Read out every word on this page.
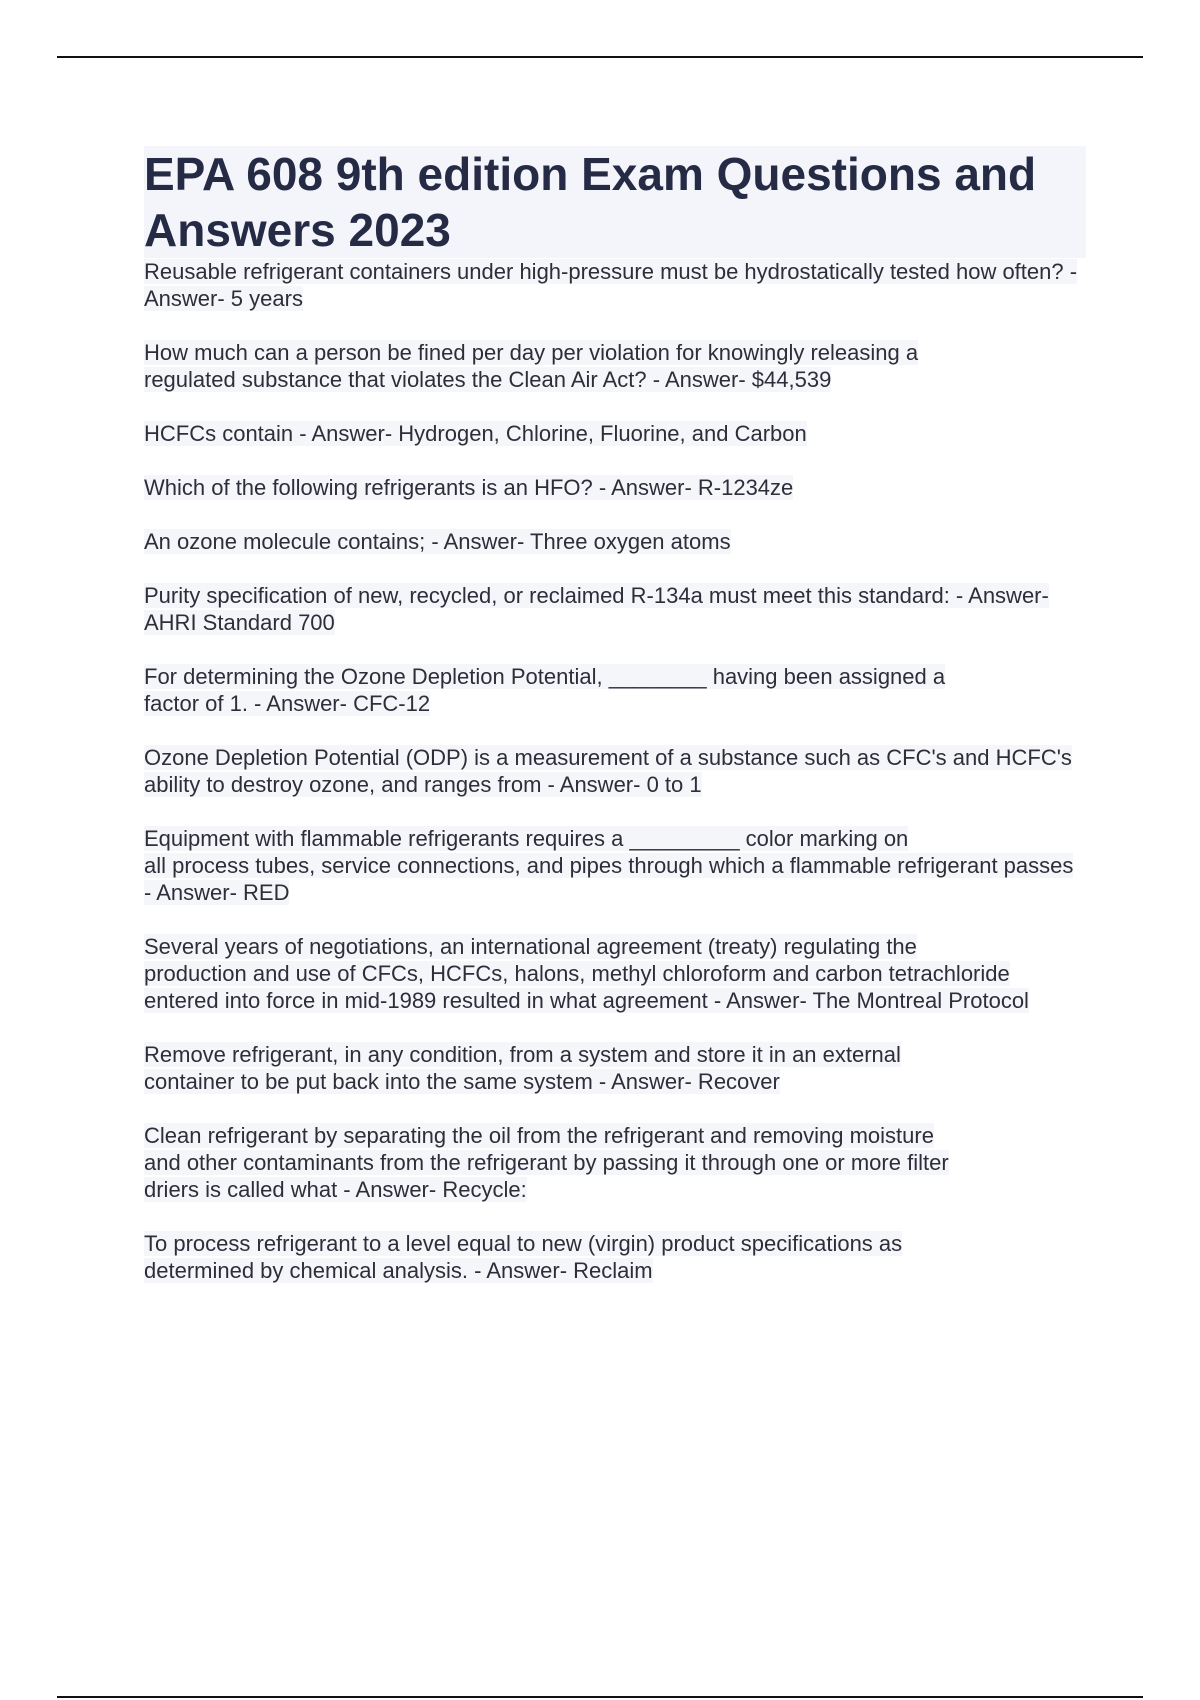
EPA 608 9th edition Exam Questions and Answers 2023
Reusable refrigerant containers under high-pressure must be hydrostatically tested how often? - Answer- 5 years
How much can a person be fined per day per violation for knowingly releasing a
regulated substance that violates the Clean Air Act? - Answer- $44,539
HCFCs contain - Answer- Hydrogen, Chlorine, Fluorine, and Carbon
Which of the following refrigerants is an HFO? - Answer- R-1234ze
An ozone molecule contains; - Answer- Three oxygen atoms
Purity specification of new, recycled, or reclaimed R-134a must meet this standard: - Answer- AHRI Standard 700
For determining the Ozone Depletion Potential, ________ having been assigned a
factor of 1. - Answer- CFC-12
Ozone Depletion Potential (ODP) is a measurement of a substance such as CFC's and HCFC's
ability to destroy ozone, and ranges from - Answer- 0 to 1
Equipment with flammable refrigerants requires a _________ color marking on
all process tubes, service connections, and pipes through which a flammable refrigerant passes - Answer- RED
Several years of negotiations, an international agreement (treaty) regulating the
production and use of CFCs, HCFCs, halons, methyl chloroform and carbon tetrachloride
entered into force in mid-1989 resulted in what agreement - Answer- The Montreal Protocol
Remove refrigerant, in any condition, from a system and store it in an external
container to be put back into the same system - Answer- Recover
Clean refrigerant by separating the oil from the refrigerant and removing moisture
and other contaminants from the refrigerant by passing it through one or more filter
driers is called what - Answer- Recycle:
To process refrigerant to a level equal to new (virgin) product specifications as
determined by chemical analysis. - Answer- Reclaim
